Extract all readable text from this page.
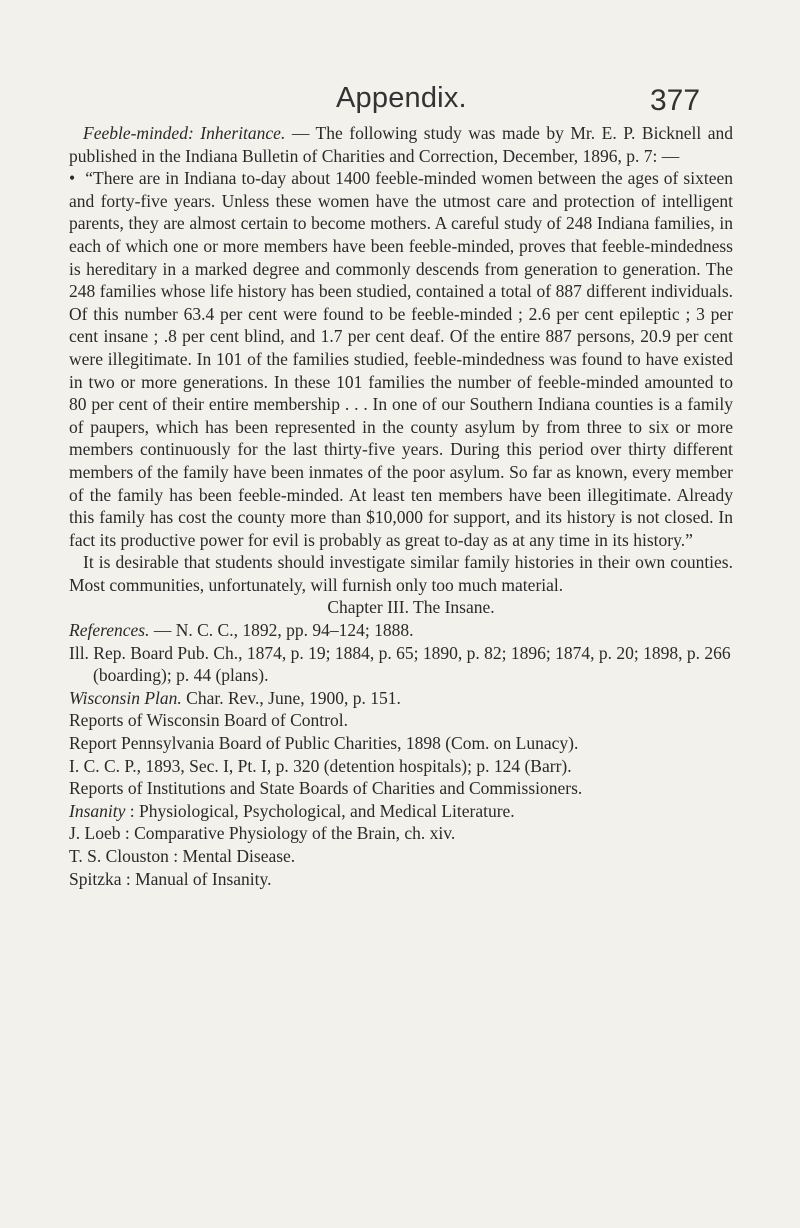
Appendix.	377

Feeble-minded: Inheritance. — The following study was made by Mr. E. P. Bicknell and published in the Indiana Bulletin of Charities and Correction, December, 1896, p. 7: —

• “There are in Indiana to-day about 1400 feeble-minded women between the ages of sixteen and forty-five years. Unless these women have the utmost care and protection of intelligent parents, they are almost certain to become mothers. A careful study of 248 Indiana families, in each of which one or more members have been feeble-minded, proves that feeble-mindedness is hereditary in a marked degree and commonly descends from generation to generation. The 248 families whose life history has been studied, contained a total of 887 different individuals. Of this number 63.4 per cent were found to be feeble-minded ; 2.6 per cent epileptic ; 3 per cent insane ; .8 per cent blind, and 1.7 per cent deaf. Of the entire 887 persons, 20.9 per cent were illegitimate. In 101 of the families studied, feeble-mindedness was found to have existed in two or more generations. In these 101 families the number of feeble-minded amounted to 80 per cent of their entire membership . . . In one of our Southern Indiana counties is a family of paupers, which has been represented in the county asylum by from three to six or more members continuously for the last thirty-five years. During this period over thirty different members of the family have been inmates of the poor asylum. So far as known, every member of the family has been feeble-minded. At least ten members have been illegitimate. Already this family has cost the county more than $10,000 for support, and its history is not closed. In fact its productive power for evil is probably as great to-day as at any time in its history.”

It is desirable that students should investigate similar family histories in their own counties. Most communities, unfortunately, will furnish only too much material.

Chapter III. The Insane.

References. — N. C. C., 1892, pp. 94–124; 1888.

Ill. Rep. Board Pub. Ch., 1874, p. 19; 1884, p. 65; 1890, p. 82; 1896; 1874, p. 20; 1898, p. 266 (boarding); p. 44 (plans).

Wisconsin Plan. Char. Rev., June, 1900, p. 151.

Reports of Wisconsin Board of Control.

Report Pennsylvania Board of Public Charities, 1898 (Com. on Lunacy).

I. C. C. P., 1893, Sec. I, Pt. I, p. 320 (detention hospitals); p. 124 (Barr).

Reports of Institutions and State Boards of Charities and Commissioners.

Insanity : Physiological, Psychological, and Medical Literature.

J. Loeb : Comparative Physiology of the Brain, ch. xiv.

T. S. Clouston : Mental Disease.

Spitzka : Manual of Insanity.
